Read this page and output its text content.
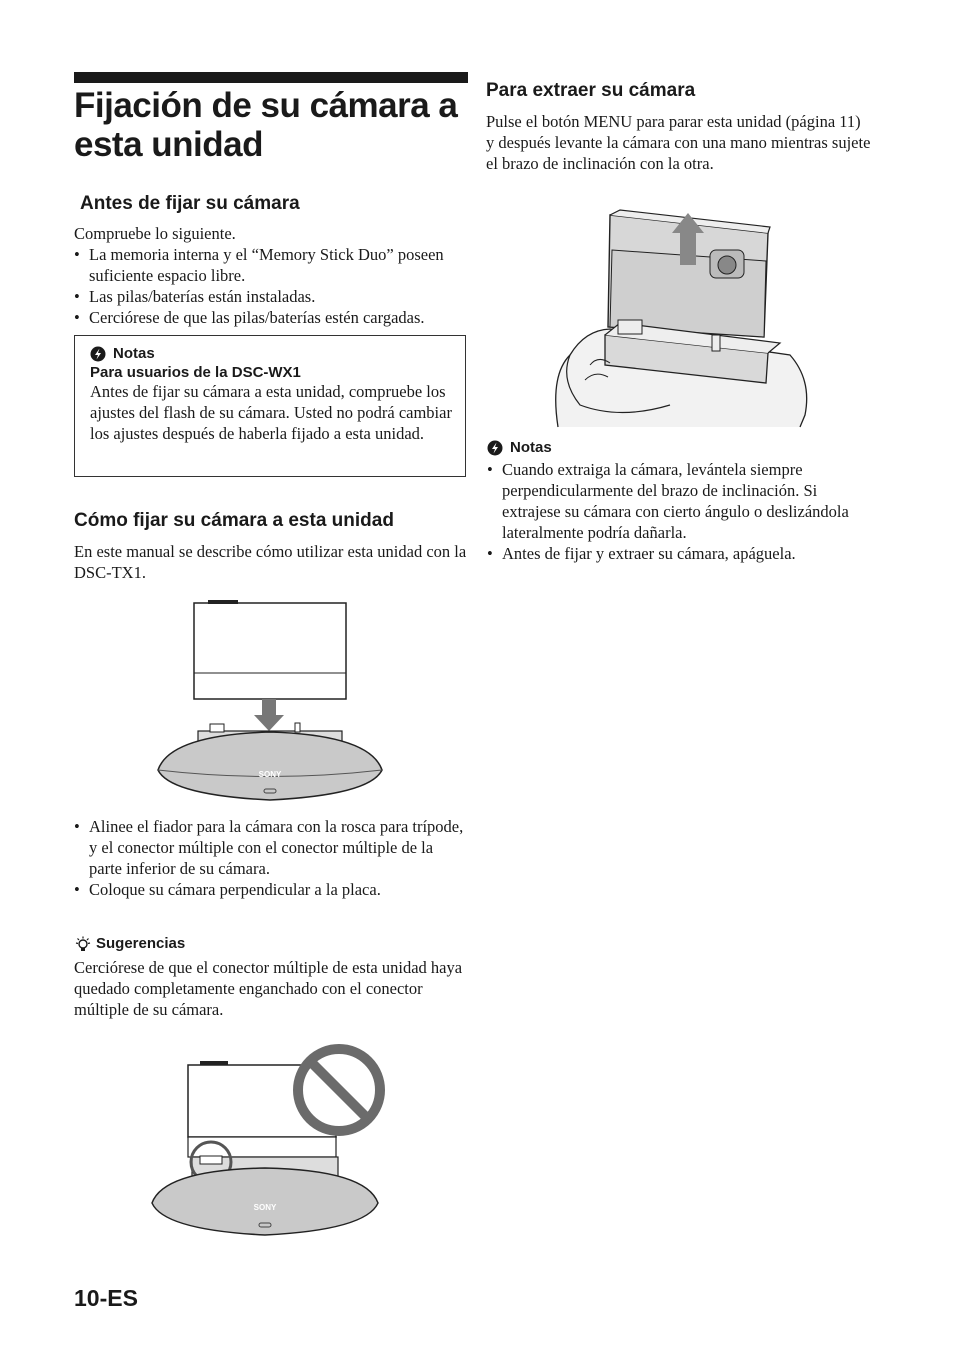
Fijación de su cámara a esta unidad
Antes de fijar su cámara
Compruebe lo siguiente.
• La memoria interna y el “Memory Stick Duo” poseen suficiente espacio libre.
• Las pilas/baterías están instaladas.
• Cerciórese de que las pilas/baterías estén cargadas.
Notas
Para usuarios de la DSC-WX1
Antes de fijar su cámara a esta unidad, compruebe los ajustes del flash de su cámara. Usted no podrá cambiar los ajustes después de haberla fijado a esta unidad.
Cómo fijar su cámara a esta unidad
En este manual se describe cómo utilizar esta unidad con la DSC-TX1.
SONY
• Alinee el fiador para la cámara con la rosca para trípode, y el conector múltiple con el conector múltiple de la parte inferior de su cámara.
• Coloque su cámara perpendicular a la placa.
Sugerencias
Cerciórese de que el conector múltiple de esta unidad haya quedado completamente enganchado con el conector múltiple de su cámara.
SONY
10-ES
Para extraer su cámara
Pulse el botón MENU para parar esta unidad (página 11) y después levante la cámara con una mano mientras sujete el brazo de inclinación con la otra.
Notas
• Cuando extraiga la cámara, levántela siempre perpendicularmente del brazo de inclinación. Si extrajese su cámara con cierto ángulo o deslizándola lateralmente podría dañarla.
• Antes de fijar y extraer su cámara, apáguela.
